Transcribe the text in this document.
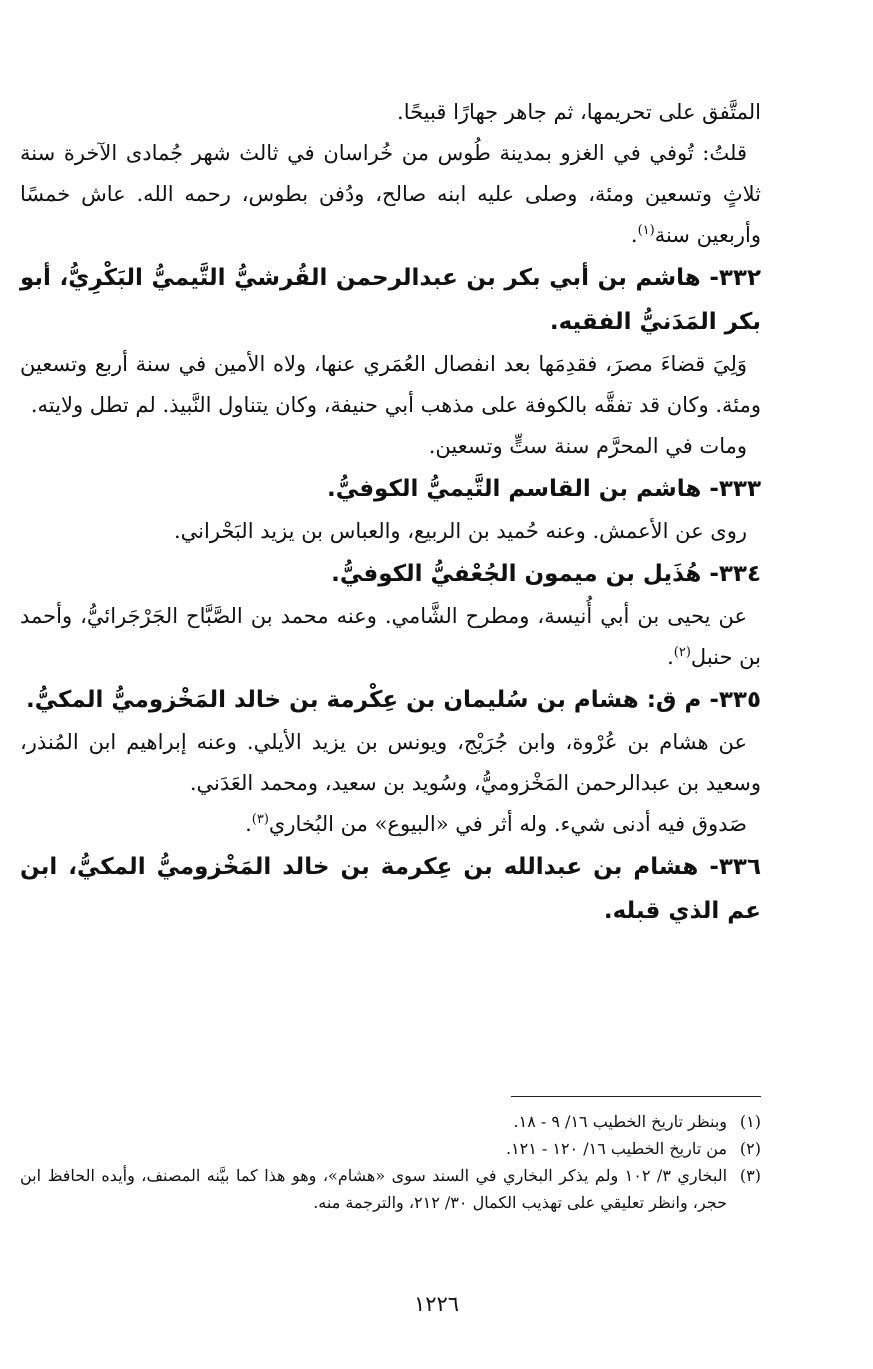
المتَّفق على تحريمها، ثم جاهر جهارًا قبيحًا.

قلتُ: تُوفي في الغزو بمدينة طُوس من خُراسان في ثالث شهر جُمادى الآخرة سنة ثلاثٍ وتسعين ومئة، وصلى عليه ابنه صالح، ودُفن بطوس، رحمه الله. عاش خمسًا وأربعين سنة$^{(١)}$.

٣٣٢- هاشم بن أبي بكر بن عبدالرحمن القُرشيُّ التَّيميُّ البَكْرِيُّ، أبو بكر المَدَنيُّ الفقيه.

وَلِيَ قضاءَ مصرَ، فقدِمَها بعد انفصال العُمَري عنها، ولاه الأمين في سنة أربع وتسعين ومئة. وكان قد تفقَّه بالكوفة على مذهب أبي حنيفة، وكان يتناول النَّبيذ. لم تطل ولايته.

ومات في المحرَّم سنة ستٍّ وتسعين.

٣٣٣- هاشم بن القاسم التَّيميُّ الكوفيُّ.

روى عن الأعمش. وعنه حُميد بن الربيع، والعباس بن يزيد البَحْراني.

٣٣٤- هُذَيل بن ميمون الجُعْفيُّ الكوفيُّ.

عن يحيى بن أبي أُنيسة، ومطرح الشَّامي. وعنه محمد بن الصَّبَّاح الجَرْجَرائيُّ، وأحمد بن حنبل$^{(٢)}$.

٣٣٥- م ق: هشام بن سُليمان بن عِكْرمة بن خالد المَخْزوميُّ المكيُّ.

عن هشام بن عُرْوة، وابن جُرَيْج، ويونس بن يزيد الأيلي. وعنه إبراهيم ابن المُنذر، وسعيد بن عبدالرحمن المَخْزوميُّ، وسُويد بن سعيد، ومحمد العَدَني.

صَدوق فيه أدنى شيء. وله أثر في «البيوع» من البُخاري$^{(٣)}$.

٣٣٦- هشام بن عبدالله بن عِكرمة بن خالد المَخْزوميُّ المكيُّ، ابن عم الذي قبله.

(١)
وبنظر تاريخ الخطيب ١٦/ ٩ - ١٨.
(٢)
من تاريخ الخطيب ١٦/ ١٢٠ - ١٢١.
(٣)
البخاري ٣/ ١٠٢ ولم يذكر البخاري في السند سوى «هشام»، وهو هذا كما بيَّنه المصنف، وأيده الحافظ ابن حجر، وانظر تعليقي على تهذيب الكمال ٣٠/ ٢١٢، والترجمة منه.
١٢٢٦
